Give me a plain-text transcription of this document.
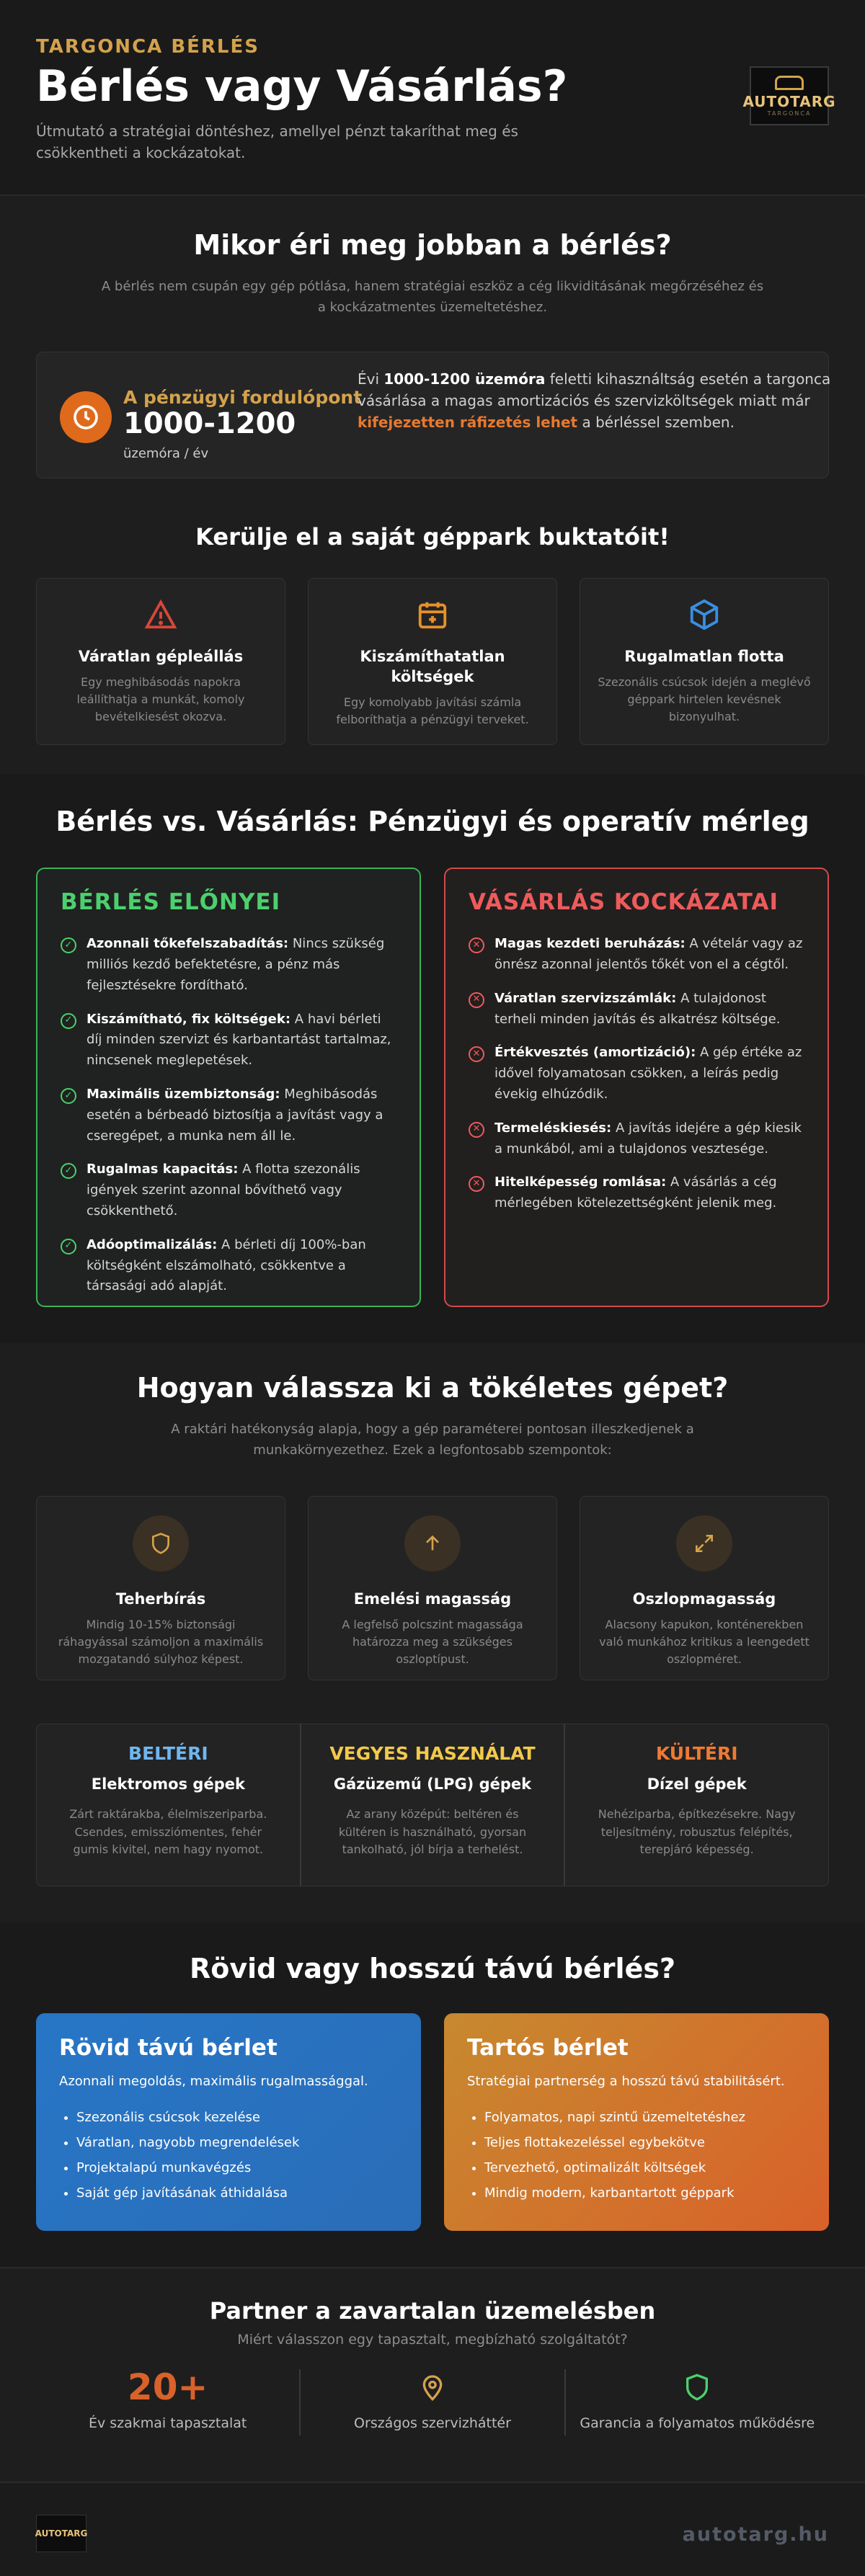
TARGONCA BÉRLÉS
Bérlés vagy Vásárlás?

Útmutató a stratégiai döntéshez, amellyel pénzt takaríthat meg és csökkentheti a kockázatokat.

AUTOTARG
TARGONCA
Mikor éri meg jobban a bérlés?

A bérlés nem csupán egy gép pótlása, hanem stratégiai eszköz a cég likviditásának megőrzéséhez és a kockázatmentes üzemeltetéshez.

A pénzügyi fordulópont
1000-1200
üzemóra / év
Évi 1000-1200 üzemóra feletti kihasználtság esetén a targonca vásárlása a magas amortizációs és szervizköltségek miatt már kifejezetten ráfizetés lehet a bérléssel szemben.
Kerülje el a saját géppark buktatóit!
Váratlan gépleállás

Egy meghibásodás napokra leállíthatja a munkát, komoly bevételkiesést okozva.

Kiszámíthatatlan költségek

Egy komolyabb javítási számla felboríthatja a pénzügyi terveket.

Rugalmatlan flotta

Szezonális csúcsok idején a meglévő géppark hirtelen kevésnek bizonyulhat.

Bérlés vs. Vásárlás: Pénzügyi és operatív mérleg
BÉRLÉS ELŐNYEI
✓	Azonnali tőkefelszabadítás: Nincs szükség milliós kezdő befektetésre, a pénz más fejlesztésekre fordítható.
✓	Kiszámítható, fix költségek: A havi bérleti díj minden szervizt és karbantartást tartalmaz, nincsenek meglepetések.
✓	Maximális üzembiztonság: Meghibásodás esetén a bérbeadó biztosítja a javítást vagy a cseregépet, a munka nem áll le.
✓	Rugalmas kapacitás: A flotta szezonális igények szerint azonnal bővíthető vagy csökkenthető.
✓	Adóoptimalizálás: A bérleti díj 100%-ban költségként elszámolható, csökkentve a társasági adó alapját.
VÁSÁRLÁS KOCKÁZATAI
✕	Magas kezdeti beruházás: A vételár vagy az önrész azonnal jelentős tőkét von el a cégtől.
✕	Váratlan szervizszámlák: A tulajdonost terheli minden javítás és alkatrész költsége.
✕	Értékvesztés (amortizáció): A gép értéke az idővel folyamatosan csökken, a leírás pedig évekig elhúzódik.
✕	Termeléskiesés: A javítás idejére a gép kiesik a munkából, ami a tulajdonos vesztesége.
✕	Hitelképesség romlása: A vásárlás a cég mérlegében kötelezettségként jelenik meg.
Hogyan válassza ki a tökéletes gépet?

A raktári hatékonyság alapja, hogy a gép paraméterei pontosan illeszkedjenek a munkakörnyezethez. Ezek a legfontosabb szempontok:

Teherbírás

Mindig 10-15% biztonsági ráhagyással számoljon a maximális mozgatandó súlyhoz képest.

Emelési magasság

A legfelső polcszint magassága határozza meg a szükséges oszloptípust.

Oszlopmagasság

Alacsony kapukon, konténerekben való munkához kritikus a leengedett oszlopméret.

BELTÉRI
Elektromos gépek

Zárt raktárakba, élelmiszeriparba. Csendes, emissziómentes, fehér gumis kivitel, nem hagy nyomot.

VEGYES HASZNÁLAT
Gázüzemű (LPG) gépek

Az arany középút: beltéren és kültéren is használható, gyorsan tankolható, jól bírja a terhelést.

KÜLTÉRI
Dízel gépek

Nehéziparba, építkezésekre. Nagy teljesítmény, robusztus felépítés, terepjáró képesség.

Rövid vagy hosszú távú bérlés?
Rövid távú bérlet
Azonnali megoldás, maximális rugalmassággal.
• Szezonális csúcsok kezelése
• Váratlan, nagyobb megrendelések
• Projektalapú munkavégzés
• Saját gép javításának áthidalása
Tartós bérlet
Stratégiai partnerség a hosszú távú stabilitásért.
• Folyamatos, napi szintű üzemeltetéshez
• Teljes flottakezeléssel egybekötve
• Tervezhető, optimalizált költségek
• Mindig modern, karbantartott géppark
Partner a zavartalan üzemelésben
Miért válasszon egy tapasztalt, megbízható szolgáltatót?
20+
Év szakmai tapasztalat	Országos szervizháttér	Garancia a folyamatos működésre
AUTOTARG	autotarg.hu
